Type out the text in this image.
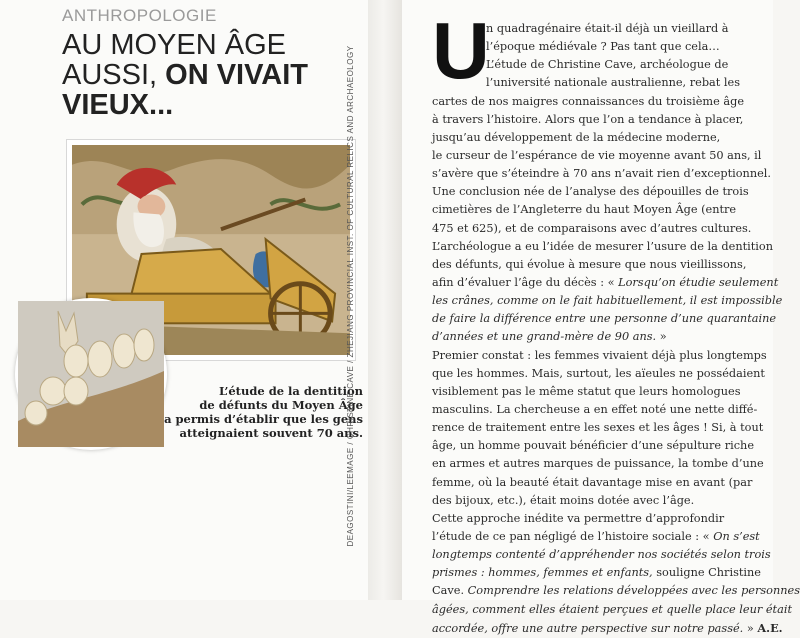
ANTHROPOLOGIE
AU MOYEN ÂGE
AUSSI, ON VIVAIT
VIEUX...
L’étude de la dentition
de défunts du Moyen Âge
a permis d’établir que les gens
atteignaient souvent 70 ans.
DEAGOSTINI/LEEMAGE / CHRISTINE CAVE / ZHEJIANG PROVINCIAL INST. OF CULTURAL RELICS AND ARCHAEOLOGY U
n quadragénaire était-il déjà un vieillard à
l’époque médiévale ? Pas tant que cela…
L’étude de Christine Cave, archéologue de
l’université nationale australienne, rebat les
cartes de nos maigres connaissances du troisième âge
à travers l’histoire. Alors que l’on a tendance à placer,
jusqu’au développement de la médecine moderne,
le curseur de l’espérance de vie moyenne avant 50 ans, il
s’avère que s’éteindre à 70 ans n’avait rien d’exceptionnel.
Une conclusion née de l’analyse des dépouilles de trois
cimetières de l’Angleterre du haut Moyen Âge (entre
475 et 625), et de comparaisons avec d’autres cultures.
L’archéologue a eu l’idée de mesurer l’usure de la dentition
des défunts, qui évolue à mesure que nous vieillissons,
afin d’évaluer l’âge du décès : « Lorsqu’on étudie seulement
les crânes, comme on le fait habituellement, il est impossible
de faire la différence entre une personne d’une quarantaine
d’années et une grand-mère de 90 ans. »
Premier constat : les femmes vivaient déjà plus longtemps
que les hommes. Mais, surtout, les aïeules ne possédaient
visiblement pas le même statut que leurs homologues
masculins. La chercheuse a en effet noté une nette diffé-
rence de traitement entre les sexes et les âges ! Si, à tout
âge, un homme pouvait bénéficier d’une sépulture riche
en armes et autres marques de puissance, la tombe d’une
femme, où la beauté était davantage mise en avant (par
des bijoux, etc.), était moins dotée avec l’âge.
Cette approche inédite va permettre d’approfondir
l’étude de ce pan négligé de l’histoire sociale : « On s’est
longtemps contenté d’appréhender nos sociétés selon trois
prismes : hommes, femmes et enfants, souligne Christine
Cave. Comprendre les relations développées avec les personnes
âgées, comment elles étaient perçues et quelle place leur était
accordée, offre une autre perspective sur notre passé. » A.E.
